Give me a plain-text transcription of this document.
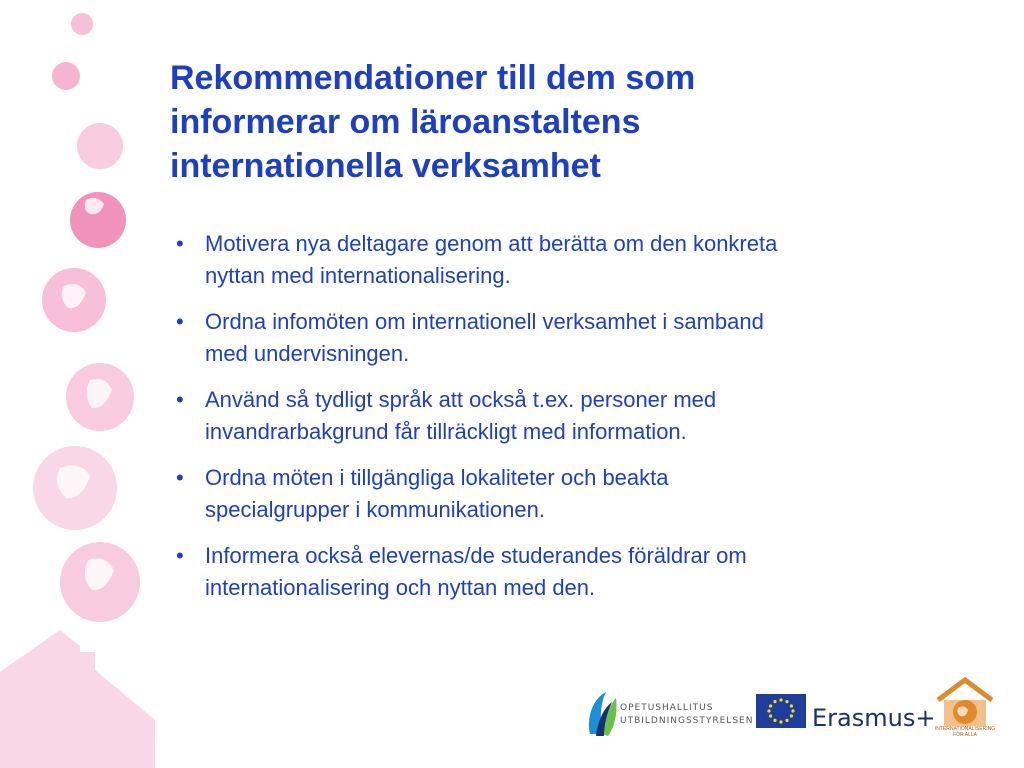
Rekommendationer till dem som
informerar om läroanstaltens
internationella verksamhet
• Motivera nya deltagare genom att berätta om den konkreta
nyttan med internationalisering.
• Ordna infomöten om internationell verksamhet i samband
med undervisningen.
• Använd så tydligt språk att också t.ex. personer med
invandrarbakgrund får tillräckligt med information.
• Ordna möten i tillgängliga lokaliteter och beakta
specialgrupper i kommunikationen.
• Informera också elevernas/de studerandes föräldrar om
internationalisering och nyttan med den.
OPETUSHALLITUS
UTBILDNINGSSTYRELSEN Erasmus+ INTERNATIONALISERING
FÖR ALLA
